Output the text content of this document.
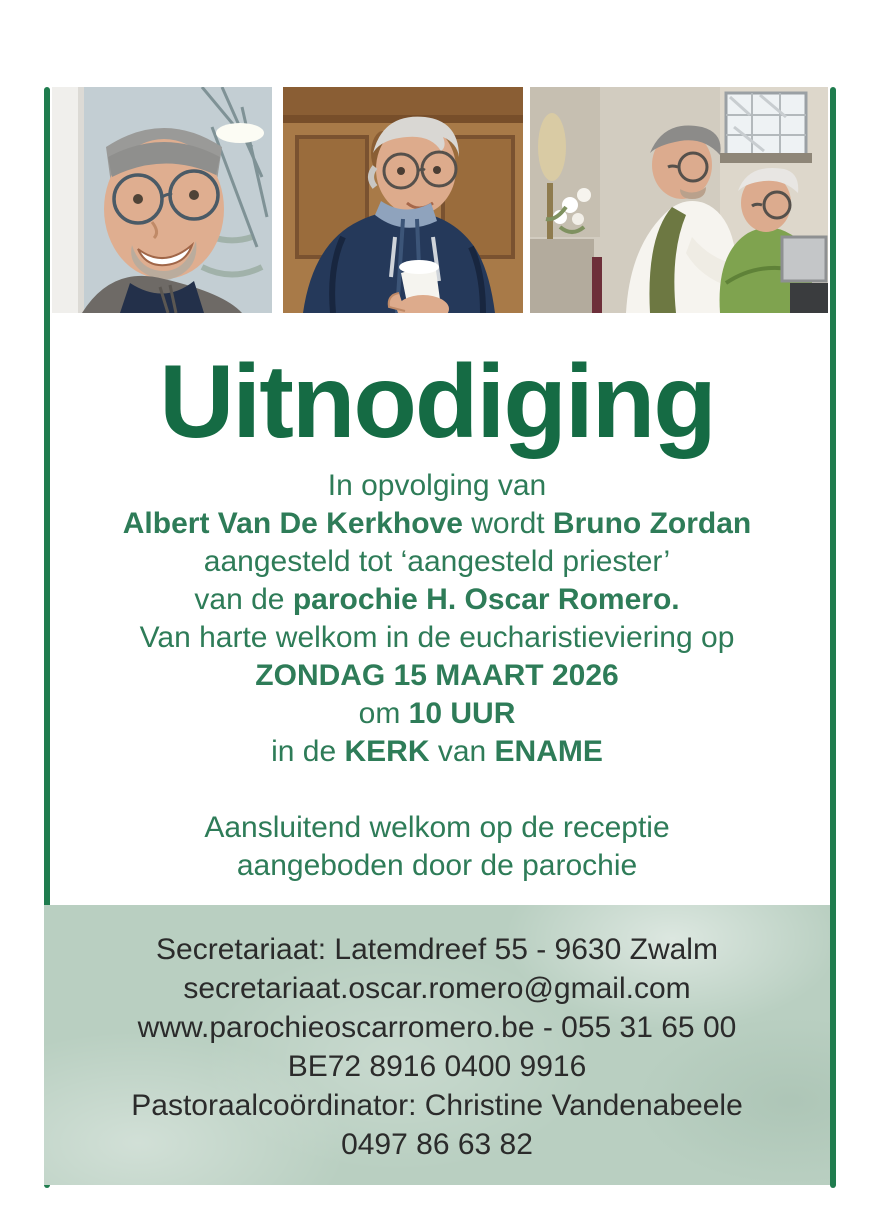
Uitnodiging

In opvolging van

Albert Van De Kerkhove wordt Bruno Zordan

aangesteld tot ‘aangesteld priester’

van de parochie H. Oscar Romero.

Van harte welkom in de eucharistieviering op

ZONDAG 15 MAART 2026

om 10 UUR

in de KERK van ENAME

Aansluitend welkom op de receptie

aangeboden door de parochie

Secretariaat: Latemdreef 55 - 9630 Zwalm

secretariaat.oscar.romero@gmail.com

www.parochieoscarromero.be - 055 31 65 00

BE72 8916 0400 9916

Pastoraalcoördinator: Christine Vandenabeele

0497 86 63 82
